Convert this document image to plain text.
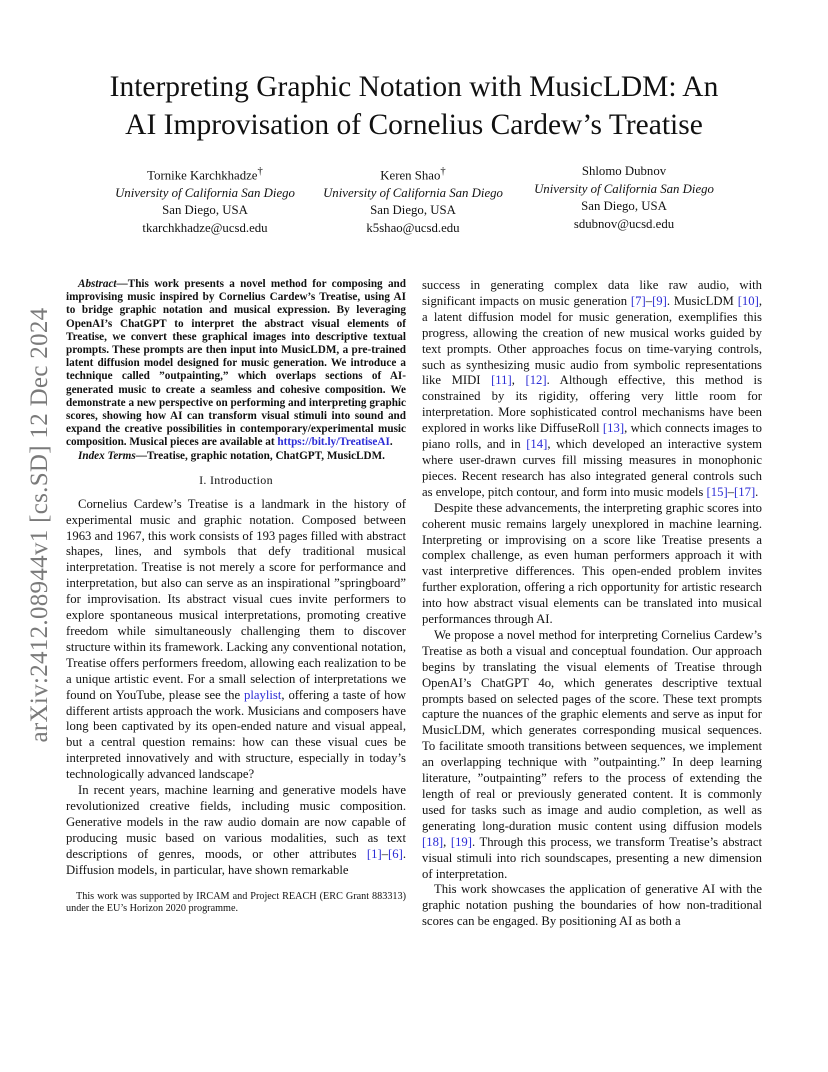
arXiv:2412.08944v1 [cs.SD] 12 Dec 2024
Interpreting Graphic Notation with MusicLDM: An
AI Improvisation of Cornelius Cardew’s Treatise
Tornike Karchkhadze†
University of California San Diego
San Diego, USA
tkarchkhadze@ucsd.edu
Keren Shao†
University of California San Diego
San Diego, USA
k5shao@ucsd.edu
Shlomo Dubnov
University of California San Diego
San Diego, USA
sdubnov@ucsd.edu

Abstract—This work presents a novel method for composing and improvising music inspired by Cornelius Cardew’s Treatise, using AI to bridge graphic notation and musical expression. By leveraging OpenAI’s ChatGPT to interpret the abstract visual elements of Treatise, we convert these graphical images into descriptive textual prompts. These prompts are then input into MusicLDM, a pre-trained latent diffusion model designed for music generation. We introduce a technique called ”outpainting,” which overlaps sections of AI-generated music to create a seamless and cohesive composition. We demonstrate a new perspective on performing and interpreting graphic scores, showing how AI can transform visual stimuli into sound and expand the creative possibilities in contemporary/experimental music composition. Musical pieces are available at https://bit.ly/TreatiseAI.

Index Terms—Treatise, graphic notation, ChatGPT, MusicLDM.

I. Introduction

Cornelius Cardew’s Treatise is a landmark in the history of experimental music and graphic notation. Composed between 1963 and 1967, this work consists of 193 pages filled with abstract shapes, lines, and symbols that defy traditional musical interpretation. Treatise is not merely a score for performance and interpretation, but also can serve as an inspirational ”springboard” for improvisation. Its abstract visual cues invite performers to explore spontaneous musical interpretations, promoting creative freedom while simultaneously challenging them to discover structure within its framework. Lacking any conventional notation, Treatise offers performers freedom, allowing each realization to be a unique artistic event. For a small selection of interpretations we found on YouTube, please see the playlist, offering a taste of how different artists approach the work. Musicians and composers have long been captivated by its open-ended nature and visual appeal, but a central question remains: how can these visual cues be interpreted innovatively and with structure, especially in today’s technologically advanced landscape?

In recent years, machine learning and generative models have revolutionized creative fields, including music composition. Generative models in the raw audio domain are now capable of producing music based on various modalities, such as text descriptions of genres, moods, or other attributes [1]–[6]. Diffusion models, in particular, have shown remarkable

This work was supported by IRCAM and Project REACH (ERC Grant 883313) under the EU’s Horizon 2020 programme.

success in generating complex data like raw audio, with significant impacts on music generation [7]–[9]. MusicLDM [10], a latent diffusion model for music generation, exemplifies this progress, allowing the creation of new musical works guided by text prompts. Other approaches focus on time-varying controls, such as synthesizing music audio from symbolic representations like MIDI [11], [12]. Although effective, this method is constrained by its rigidity, offering very little room for interpretation. More sophisticated control mechanisms have been explored in works like DiffuseRoll [13], which connects images to piano rolls, and in [14], which developed an interactive system where user-drawn curves fill missing measures in monophonic pieces. Recent research has also integrated general controls such as envelope, pitch contour, and form into music models [15]–[17].

Despite these advancements, the interpreting graphic scores into coherent music remains largely unexplored in machine learning. Interpreting or improvising on a score like Treatise presents a complex challenge, as even human performers approach it with vast interpretive differences. This open-ended problem invites further exploration, offering a rich opportunity for artistic research into how abstract visual elements can be translated into musical performances through AI.

We propose a novel method for interpreting Cornelius Cardew’s Treatise as both a visual and conceptual foundation. Our approach begins by translating the visual elements of Treatise through OpenAI’s ChatGPT 4o, which generates descriptive textual prompts based on selected pages of the score. These text prompts capture the nuances of the graphic elements and serve as input for MusicLDM, which generates corresponding musical sequences. To facilitate smooth transitions between sequences, we implement an overlapping technique with ”outpainting.” In deep learning literature, ”outpainting” refers to the process of extending the length of real or previously generated content. It is commonly used for tasks such as image and audio completion, as well as generating long-duration music content using diffusion models [18], [19]. Through this process, we transform Treatise’s abstract visual stimuli into rich soundscapes, presenting a new dimension of interpretation.

This work showcases the application of generative AI with the graphic notation pushing the boundaries of how non-traditional scores can be engaged. By positioning AI as both a
